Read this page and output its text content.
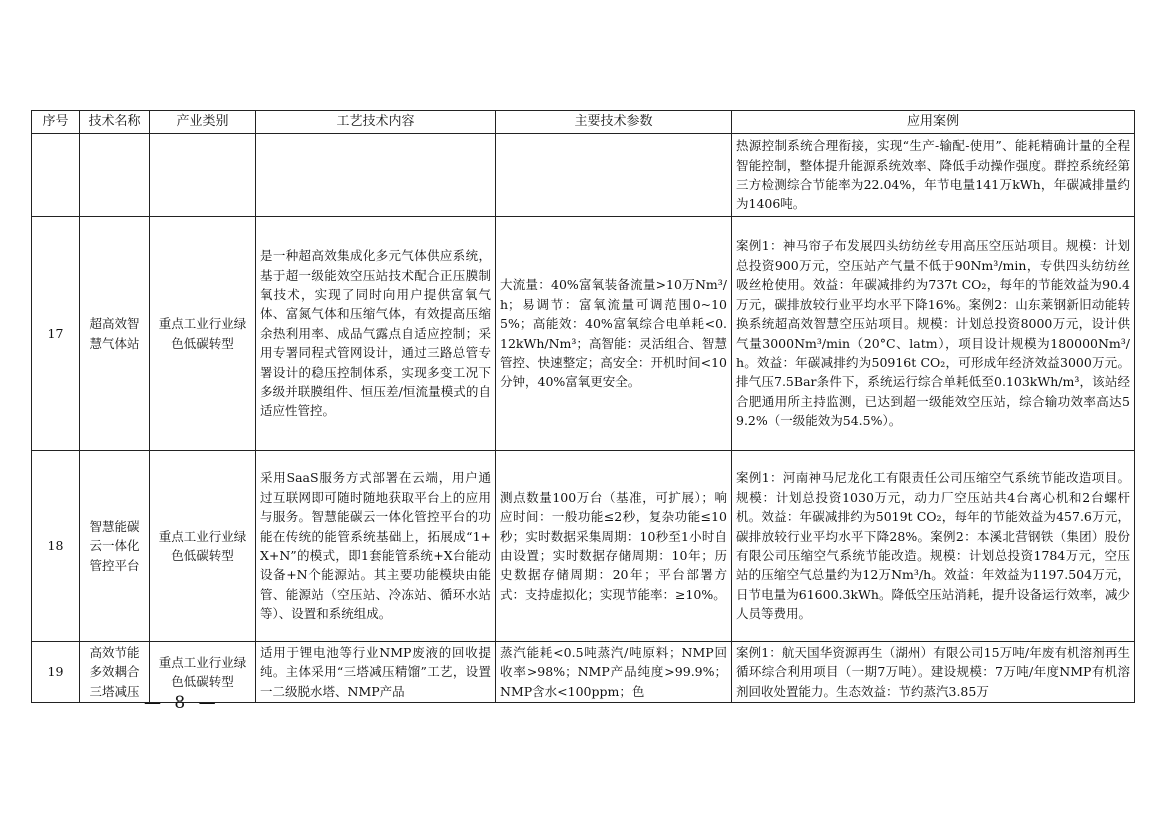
序号	技术名称	产业类别	工艺技术内容	主要技术参数	应用案例
					热源控制系统合理衔接，实现“生产-输配-使用”、能耗精确计量的全程智能控制，整体提升能源系统效率、降低手动操作强度。群控系统经第三方检测综合节能率为22.04%，年节电量141万kWh，年碳减排量约为1406吨。
17	超高效智慧气体站	重点工业行业绿色低碳转型	是一种超高效集成化多元气体供应系统，基于超一级能效空压站技术配合正压膜制氧技术，实现了同时向用户提供富氧气体、富氮气体和压缩气体，有效提高压缩余热利用率、成品气露点自适应控制；采用专署同程式管网设计，通过三路总管专署设计的稳压控制体系，实现多变工况下多级并联膜组件、恒压差/恒流量模式的自适应性管控。	大流量：40%富氧装备流量>10万Nm³/h；易调节：富氧流量可调范围0~105%；高能效：40%富氧综合电单耗<0.12kWh/Nm³；高智能：灵活组合、智慧管控、快速整定；高安全：开机时间<10分钟，40%富氧更安全。	案例1：神马帘子布发展四头纺纺丝专用高压空压站项目。规模：计划总投资900万元，空压站产气量不低于90Nm³/min，专供四头纺纺丝吸丝枪使用。效益：年碳减排约为737t CO₂，每年的节能效益为90.4万元，碳排放较行业平均水平下降16%。案例2：山东莱钢新旧动能转换系统超高效智慧空压站项目。规模：计划总投资8000万元，设计供气量3000Nm³/min（20°C、latm），项目设计规模为180000Nm³/h。效益：年碳减排约为50916t CO₂，可形成年经济效益3000万元。排气压7.5Bar条件下，系统运行综合单耗低至0.103kWh/m³，该站经合肥通用所主持监测，已达到超一级能效空压站，综合输功效率高达59.2%（一级能效为54.5%）。
18	智慧能碳云一体化管控平台	重点工业行业绿色低碳转型	采用SaaS服务方式部署在云端，用户通过互联网即可随时随地获取平台上的应用与服务。智慧能碳云一体化管控平台的功能在传统的能管系统基础上，拓展成“1+X+N”的模式，即1套能管系统+X台能动设备+N个能源站。其主要功能模块由能管、能源站（空压站、冷冻站、循环水站等）、设置和系统组成。	测点数量100万台（基准，可扩展）；响应时间：一般功能≤2秒，复杂功能≤10秒；实时数据采集周期：10秒至1小时自由设置；实时数据存储周期：10年；历史数据存储周期：20年；平台部署方式：支持虚拟化；实现节能率：≥10%。	案例1：河南神马尼龙化工有限责任公司压缩空气系统节能改造项目。规模：计划总投资1030万元，动力厂空压站共4台离心机和2台螺杆机。效益：年碳减排约为5019t CO₂，每年的节能效益为457.6万元，碳排放较行业平均水平下降28%。案例2：本溪北营钢铁（集团）股份有限公司压缩空气系统节能改造。规模：计划总投资1784万元，空压站的压缩空气总量约为12万Nm³/h。效益：年效益为1197.504万元，日节电量为61600.3kWh。降低空压站消耗，提升设备运行效率，减少人员等费用。
19	高效节能多效耦合三塔减压	重点工业行业绿色低碳转型	适用于锂电池等行业NMP废液的回收提纯。主体采用“三塔减压精馏”工艺，设置一二级脱水塔、NMP产品	蒸汽能耗<0.5吨蒸汽/吨原料；NMP回收率>98%；NMP产品纯度>99.9%；NMP含水<100ppm；色	案例1：航天国华资源再生（湖州）有限公司15万吨/年废有机溶剂再生循环综合利用项目（一期7万吨）。建设规模：7万吨/年度NMP有机溶剂回收处置能力。生态效益：节约蒸汽3.85万
— 8 —
